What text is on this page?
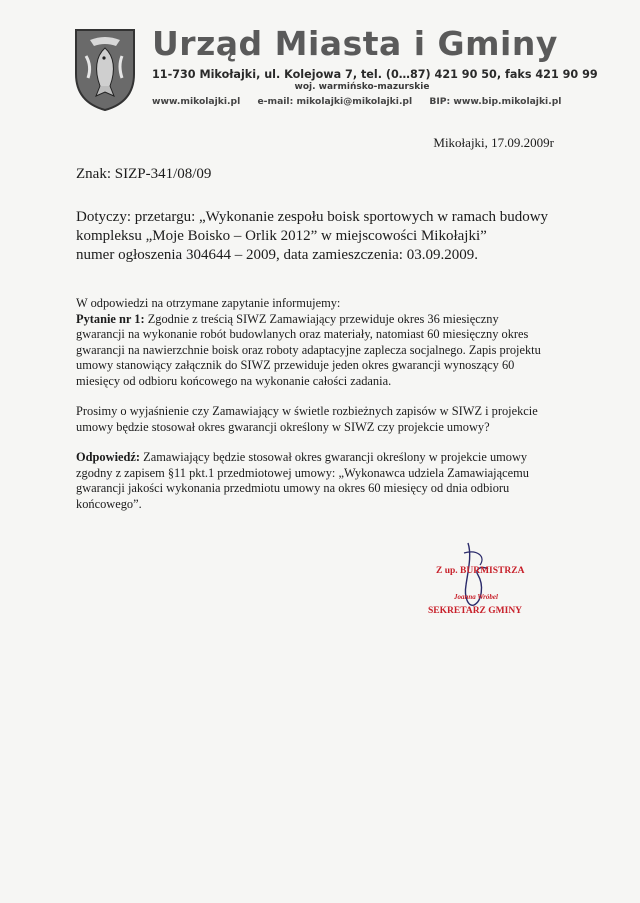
Urząd Miasta i Gminy
11-730 Mikołajki, ul. Kolejowa 7, tel. (0…87) 421 90 50, faks 421 90 99
woj. warmińsko-mazurskie
www.mikolajki.pl e-mail: mikolajki@mikolajki.pl BIP: www.bip.mikolajki.pl
Mikołajki, 17.09.2009r
Znak: SIZP-341/08/09
Dotyczy: przetargu: „Wykonanie zespołu boisk sportowych w ramach budowy
kompleksu „Moje Boisko – Orlik 2012” w miejscowości Mikołajki”
numer ogłoszenia 304644 – 2009, data zamieszczenia: 03.09.2009.
W odpowiedzi na otrzymane zapytanie informujemy:
Pytanie nr 1: Zgodnie z treścią SIWZ Zamawiający przewiduje okres 36 miesięczny
gwarancji na wykonanie robót budowlanych oraz materiały, natomiast 60 miesięczny okres
gwarancji na nawierzchnie boisk oraz roboty adaptacyjne zaplecza socjalnego. Zapis projektu
umowy stanowiący załącznik do SIWZ przewiduje jeden okres gwarancji wynoszący 60
miesięcy od odbioru końcowego na wykonanie całości zadania.
Prosimy o wyjaśnienie czy Zamawiający w świetle rozbieżnych zapisów w SIWZ i projekcie
umowy będzie stosował okres gwarancji określony w SIWZ czy projekcie umowy?
Odpowiedź: Zamawiający będzie stosował okres gwarancji określony w projekcie umowy
zgodny z zapisem §11 pkt.1 przedmiotowej umowy: „Wykonawca udziela Zamawiającemu
gwarancji jakości wykonania przedmiotu umowy na okres 60 miesięcy od dnia odbioru
końcowego”.
Z up. BURMISTRZA
Joanna Wróbel
SEKRETARZ GMINY
